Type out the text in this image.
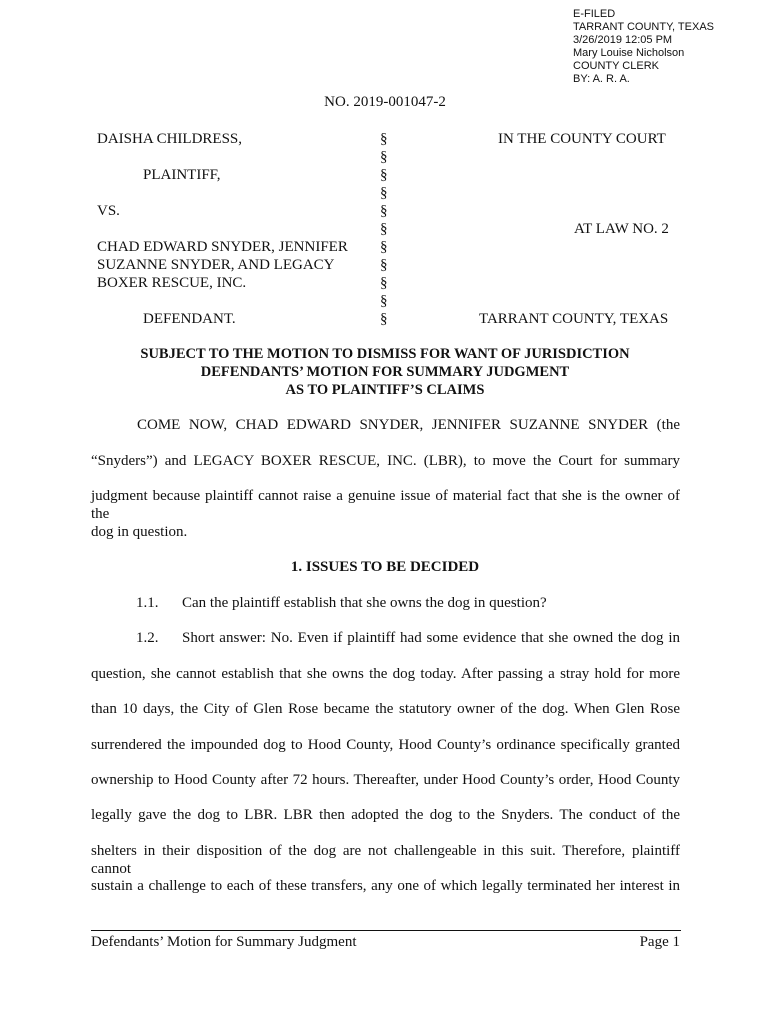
E-FILED
TARRANT COUNTY, TEXAS
3/26/2019 12:05 PM
Mary Louise Nicholson
COUNTY CLERK
BY: A. R. A.
NO. 2019-001047-2
DAISHA CHILDRESS,
PLAINTIFF,
VS.
CHAD EDWARD SNYDER, JENNIFER
SUZANNE SNYDER, AND LEGACY
BOXER RESCUE, INC.
DEFENDANT.
§
§
§
§
§
§
§
§
§
§
§
IN THE COUNTY COURT
AT LAW NO. 2
TARRANT COUNTY, TEXAS
SUBJECT TO THE MOTION TO DISMISS FOR WANT OF JURISDICTION
DEFENDANTS’ MOTION FOR SUMMARY JUDGMENT
AS TO PLAINTIFF’S CLAIMS
COME NOW, CHAD EDWARD SNYDER, JENNIFER SUZANNE SNYDER (the
“Snyders”) and LEGACY BOXER RESCUE, INC. (LBR), to move the Court for summary
judgment because plaintiff cannot raise a genuine issue of material fact that she is the owner of the
dog in question.
1. ISSUES TO BE DECIDED
1.1. Can the plaintiff establish that she owns the dog in question?
1.2. Short answer: No. Even if plaintiff had some evidence that she owned the dog in
question, she cannot establish that she owns the dog today. After passing a stray hold for more
than 10 days, the City of Glen Rose became the statutory owner of the dog. When Glen Rose
surrendered the impounded dog to Hood County, Hood County’s ordinance specifically granted
ownership to Hood County after 72 hours. Thereafter, under Hood County’s order, Hood County
legally gave the dog to LBR. LBR then adopted the dog to the Snyders. The conduct of the
shelters in their disposition of the dog are not challengeable in this suit. Therefore, plaintiff cannot
sustain a challenge to each of these transfers, any one of which legally terminated her interest in
Defendants’ Motion for Summary Judgment	Page 1
